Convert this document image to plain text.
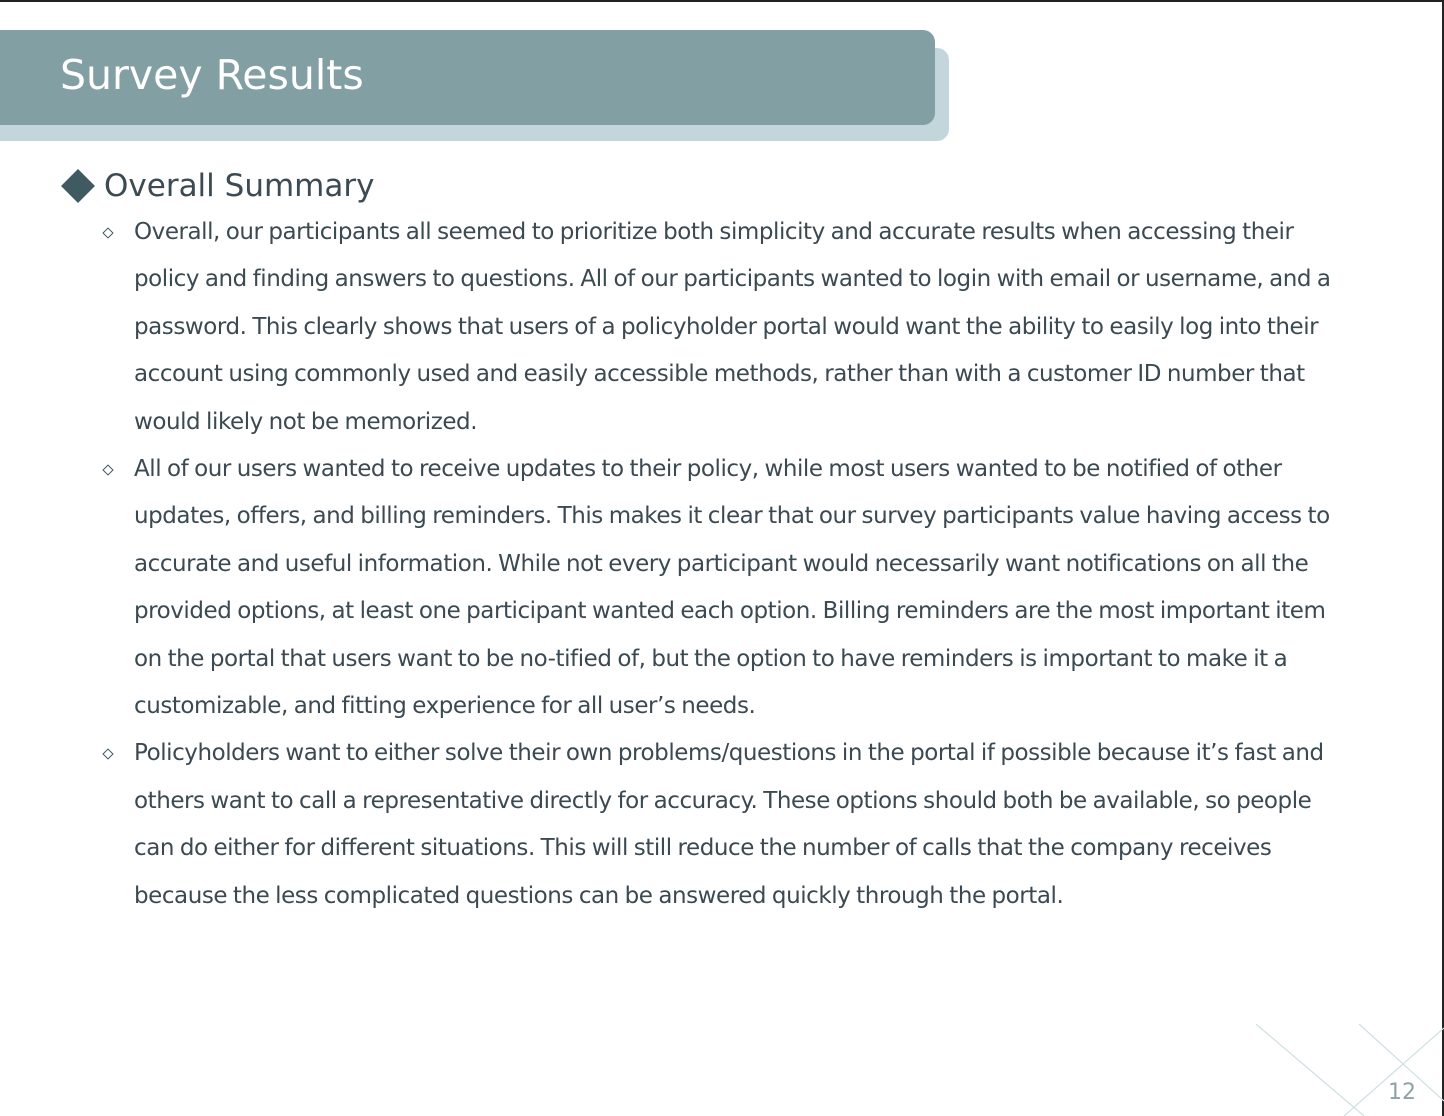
Survey Results
Overall Summary
Overall, our participants all seemed to prioritize both simplicity and accurate results when accessing their policy and finding answers to questions. All of our participants wanted to login with email or username, and a password. This clearly shows that users of a policyholder portal would want the ability to easily log into their account using commonly used and easily accessible methods, rather than with a customer ID number that would likely not be memorized.
All of our users wanted to receive updates to their policy, while most users wanted to be notified of other updates, offers, and billing reminders. This makes it clear that our survey participants value having access to accurate and useful information. While not every participant would necessarily want notifications on all the provided options, at least one participant wanted each option. Billing reminders are the most important item on the portal that users want to be no-tified of, but the option to have reminders is important to make it a customizable, and fitting experience for all user’s needs.
Policyholders want to either solve their own problems/questions in the portal if possible because it’s fast and others want to call a representative directly for accuracy. These options should both be available, so people can do either for different situations. This will still reduce the number of calls that the company receives because the less complicated questions can be answered quickly through the portal.
12
